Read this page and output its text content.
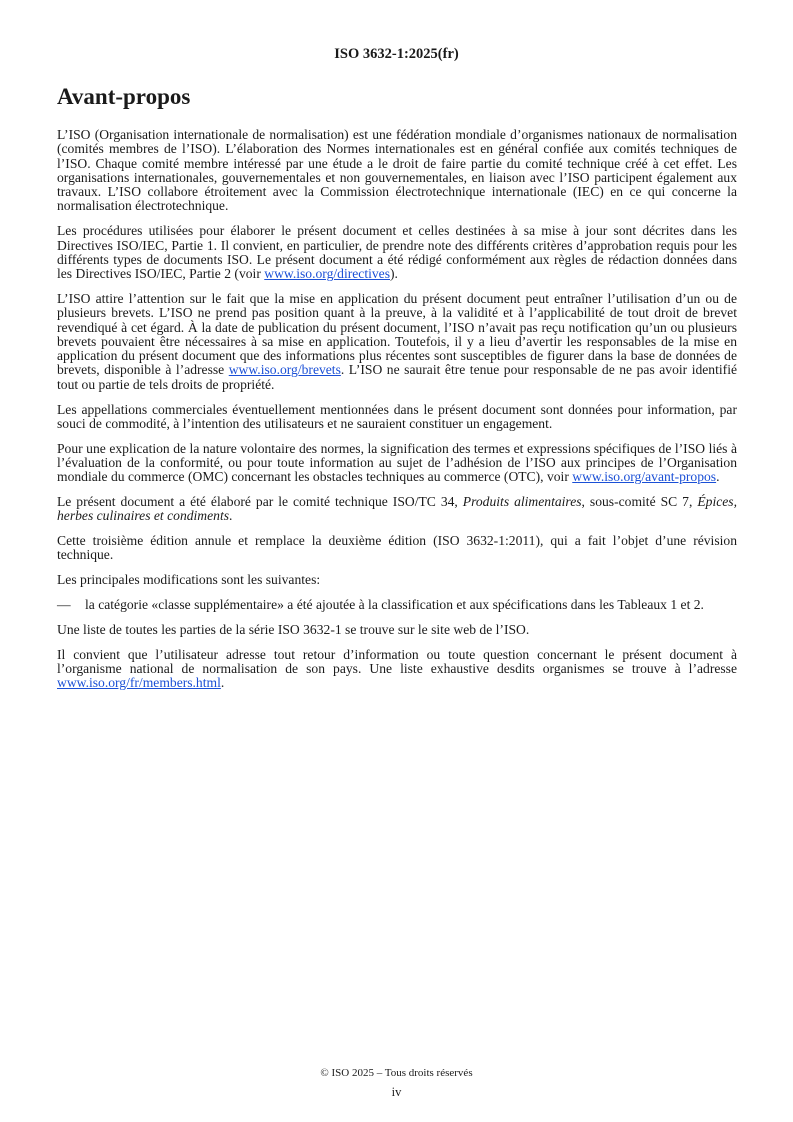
ISO 3632-1:2025(fr)
Avant-propos

L’ISO (Organisation internationale de normalisation) est une fédération mondiale d’organismes nationaux de normalisation (comités membres de l’ISO). L’élaboration des Normes internationales est en général confiée aux comités techniques de l’ISO. Chaque comité membre intéressé par une étude a le droit de faire partie du comité technique créé à cet effet. Les organisations internationales, gouvernementales et non gouvernementales, en liaison avec l’ISO participent également aux travaux. L’ISO collabore étroitement avec la Commission électrotechnique internationale (IEC) en ce qui concerne la normalisation électrotechnique.

Les procédures utilisées pour élaborer le présent document et celles destinées à sa mise à jour sont décrites dans les Directives ISO/IEC, Partie 1. Il convient, en particulier, de prendre note des différents critères d’approbation requis pour les différents types de documents ISO. Le présent document a été rédigé conformément aux règles de rédaction données dans les Directives ISO/IEC, Partie 2 (voir www.iso.org/directives).

L’ISO attire l’attention sur le fait que la mise en application du présent document peut entraîner l’utilisation d’un ou de plusieurs brevets. L’ISO ne prend pas position quant à la preuve, à la validité et à l’applicabilité de tout droit de brevet revendiqué à cet égard. À la date de publication du présent document, l’ISO n’avait pas reçu notification qu’un ou plusieurs brevets pouvaient être nécessaires à sa mise en application. Toutefois, il y a lieu d’avertir les responsables de la mise en application du présent document que des informations plus récentes sont susceptibles de figurer dans la base de données de brevets, disponible à l’adresse www.iso.org/brevets. L’ISO ne saurait être tenue pour responsable de ne pas avoir identifié tout ou partie de tels droits de propriété.

Les appellations commerciales éventuellement mentionnées dans le présent document sont données pour information, par souci de commodité, à l’intention des utilisateurs et ne sauraient constituer un engagement.

Pour une explication de la nature volontaire des normes, la signification des termes et expressions spécifiques de l’ISO liés à l’évaluation de la conformité, ou pour toute information au sujet de l’adhésion de l’ISO aux principes de l’Organisation mondiale du commerce (OMC) concernant les obstacles techniques au commerce (OTC), voir www.iso.org/avant-propos.

Le présent document a été élaboré par le comité technique ISO/TC 34, Produits alimentaires, sous-comité SC 7, Épices, herbes culinaires et condiments.

Cette troisième édition annule et remplace la deuxième édition (ISO 3632-1:2011), qui a fait l’objet d’une révision technique.

Les principales modifications sont les suivantes:

—	la catégorie «classe supplémentaire» a été ajoutée à la classification et aux spécifications dans les Tableaux 1 et 2.

Une liste de toutes les parties de la série ISO 3632-1 se trouve sur le site web de l’ISO.

Il convient que l’utilisateur adresse tout retour d’information ou toute question concernant le présent document à l’organisme national de normalisation de son pays. Une liste exhaustive desdits organismes se trouve à l’adresse www.iso.org/fr/members.html.

© ISO 2025 – Tous droits réservés
iv
